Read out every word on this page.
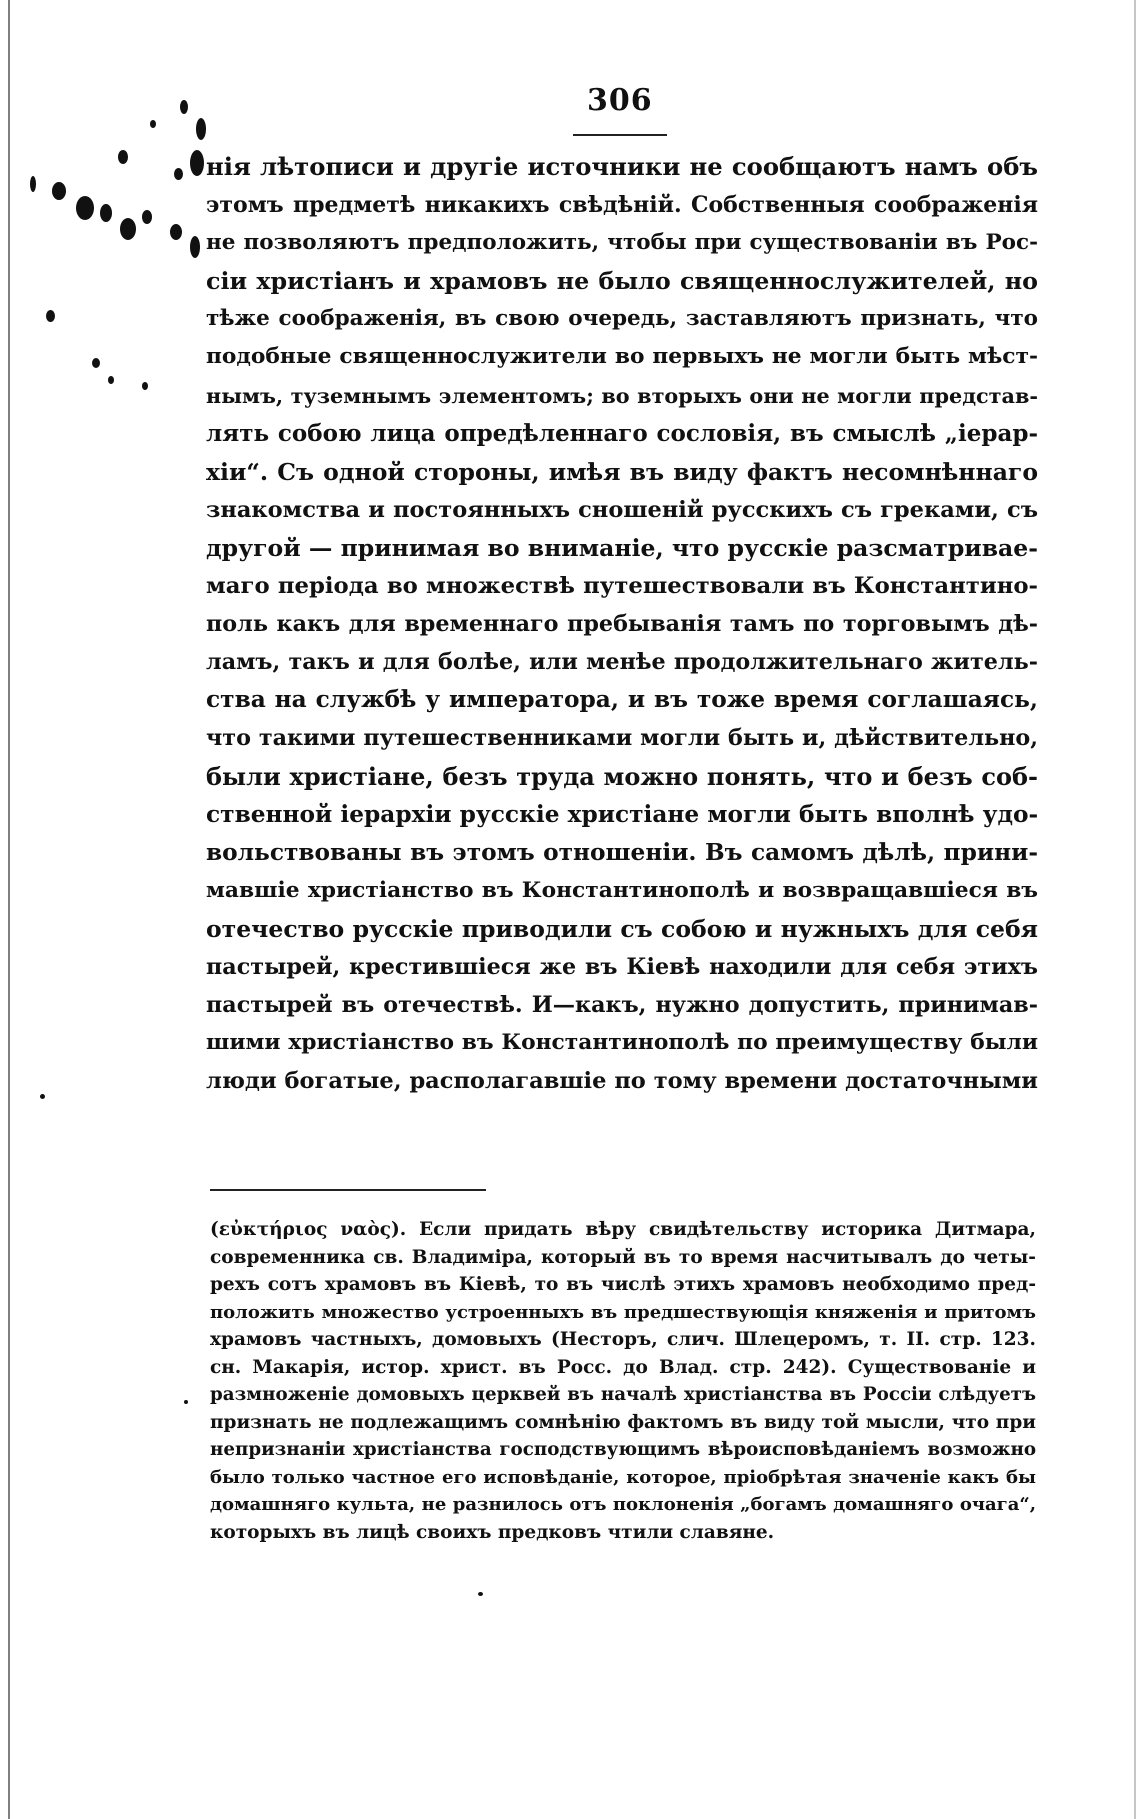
306
нія лѣтописи и другіе источники не сообщаютъ намъ объ
этомъ предметѣ никакихъ свѣдѣній. Собственныя соображенія
не позволяютъ предположить, чтобы при существованіи въ Рос-
сіи христіанъ и храмовъ не было священнослужителей, но
тѣже соображенія, въ свою очередь, заставляютъ признать, что
подобные священнослужители во первыхъ не могли быть мѣст-
нымъ, туземнымъ элементомъ; во вторыхъ они не могли представ-
лять собою лица опредѣленнаго сословія, въ смыслѣ „іерар-
хіи“. Съ одной стороны, имѣя въ виду фактъ несомнѣннаго
знакомства и постоянныхъ сношеній русскихъ съ греками, съ
другой — принимая во вниманіе, что русскіе разсматривае-
маго періода во множествѣ путешествовали въ Константино-
поль какъ для временнаго пребыванія тамъ по торговымъ дѣ-
ламъ, такъ и для болѣе, или менѣе продолжительнаго житель-
ства на службѣ у императора, и въ тоже время соглашаясь,
что такими путешественниками могли быть и, дѣйствительно,
были христіане, безъ труда можно понять, что и безъ соб-
ственной іерархіи русскіе христіане могли быть вполнѣ удо-
вольствованы въ этомъ отношеніи. Въ самомъ дѣлѣ, прини-
мавшіе христіанство въ Константинополѣ и возвращавшіеся въ
отечество русскіе приводили съ собою и нужныхъ для себя
пастырей, крестившіеся же въ Кіевѣ находили для себя этихъ
пастырей въ отечествѣ. И—какъ, нужно допустить, принимав-
шими христіанство въ Константинополѣ по преимуществу были
люди богатые, располагавшіе по тому времени достаточными
(εὐκτήριος ναὸς). Если придать вѣру свидѣтельству историка Дитмара,
современника св. Владиміра, который въ то время насчитывалъ до четы-
рехъ сотъ храмовъ въ Кіевѣ, то въ числѣ этихъ храмовъ необходимо пред-
положить множество устроенныхъ въ предшествующія княженія и притомъ
храмовъ частныхъ, домовыхъ (Несторъ, слич. Шлецеромъ, т. II. стр. 123.
сн. Макарія, истор. христ. въ Росс. до Влад. стр. 242). Существованіе и
размноженіе домовыхъ церквей въ началѣ христіанства въ Россіи слѣдуетъ
признать не подлежащимъ сомнѣнію фактомъ въ виду той мысли, что при
непризнаніи христіанства господствующимъ вѣроисповѣданіемъ возможно
было только частное его исповѣданіе, которое, пріобрѣтая значеніе какъ бы
домашняго культа, не разнилось отъ поклоненія „богамъ домашняго очага“,
которыхъ въ лицѣ своихъ предковъ чтили славяне.
